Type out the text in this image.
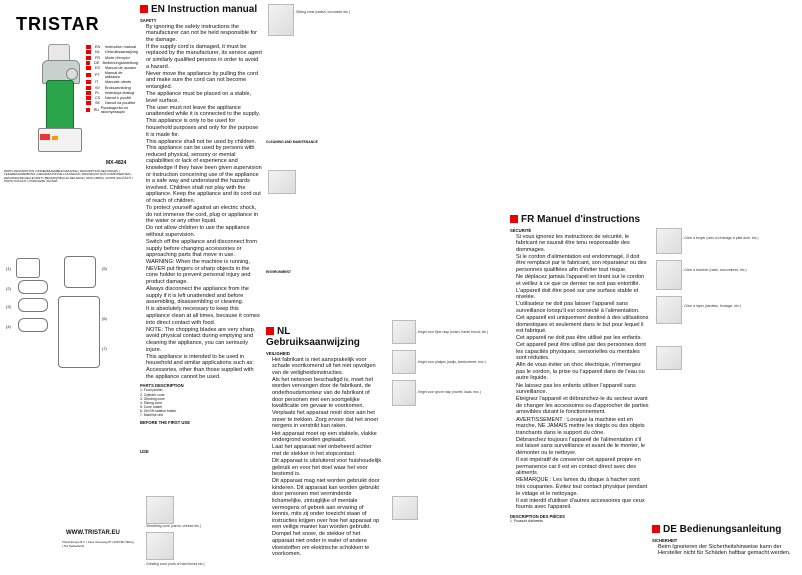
TRISTAR
EN	Instruction manual
NL	Gebruiksaanwijzing
FR	Mode d'emploi
DE Bedienungsanleitung
ES	Manual de usuario
PT	Manual de utilizador
IT	Manuale utente
SV	Bruksanvisning
PL	Instrukcja obsługi
CS	Návod k použití
SK	Návod na použitie
RU Руководство по эксплуатации
MX-4824
PARTS DESCRIPTION | ONDERDELENBESCHRIJVING | DESCRIPTION DES PIÈCES | TEILEBESCHREIBUNG | DESCRIPCIÓN DE LAS PIEZAS | DESCRIÇÃO DOS COMPONENTES | DESCRIZIONE DELLE PARTI | BESKRIVNING AV DELARNA | OPIS CZĘŚCI | POPIS SOUČÁSTÍ | POPIS SÚČASTÍ | ОПИСАНИЕ ЧАСТЕЙ
(1)
(2)
(3)
(4)
(5)
(6)
(7)
WWW.TRISTAR.EU
Tristar Europe B.V. | Jules Verneweg 87 | 5015 BH Tilburg | The Netherlands
EN Instruction manual
SAFETY
• By ignoring the safety instructions the manufacturer can not be held responsible for the damage.
• If the supply cord is damaged, it must be replaced by the manufacturer, its service agent or similarly qualified persons in order to avoid a hazard.
• Never move the appliance by pulling the cord and make sure the cord can not become entangled.
• The appliance must be placed on a stable, level surface.
• The user must not leave the appliance unattended while it is connected to the supply.
• This appliance is only to be used for household purposes and only for the purpose it is made for.
• This appliance shall not be used by children. This appliance can be used by persons with reduced physical, sensory or mental capabilities or lack of experience and knowledge if they have been given supervision or instruction concerning use of the appliance in a safe way and understand the hazards involved. Children shall not play with the appliance. Keep the appliance and its cord out of reach of children.
• To protect yourself against an electric shock, do not immerse the cord, plug or appliance in the water or any other liquid.
• Do not allow children to use the appliance without supervision.
• Switch off the appliance and disconnect from supply before changing accessories or approaching parts that move in use.
• WARNING: When the machine is running, NEVER put fingers or sharp objects in the cone holder to prevent personal injury and product damage.
• Always disconnect the appliance from the supply if it is left unattended and before assembling, disassembling or cleaning.
• It is absolutely necessary to keep this appliance clean at all times, because it comes into direct contact with food.
• NOTE: The chopping blades are very sharp, avoid physical contact during emptying and cleaning the appliance, you can seriously injure.
• This appliance is intended to be used in household and similar applications such as:
• Accessories, other than those supplied with the appliance cannot be used.
PARTS DESCRIPTION
1. Food pusher
2. Cylinder cone
3. Grinding cone
4. Slicing cone
5. Cone holder
6. On/Off rotation button
7. Machine unit
BEFORE THE FIRST USE
USE
- Shredding cone (carrot, cheese etc.)
- Grinding cone (nuts or hard bread etc.)
- Slicing cone (radish, cucumber etc.)
CLEANING AND MAINTENANCE
ENVIRONMENT
NL Gebruiksaanwijzing
VEILIGHEID
• Het fabrikant is niet aansprakelijk voor schade voortkomend uit het niet opvolgen van de veiligheidsinstructies.
• Als het netsnoer beschadigd is, moet het worden vervangen door de fabrikant, de onderhoudsmonteur van de fabrikant of door personen met een soortgelijke kwalificatie om gevaar te voorkomen.
• Verplaats het apparaat nooit door aan het snoer te trekken. Zorg ervoor dat het snoer nergens in verstrikt kan raken.
• Het apparaat moet op een stabiele, vlakke ondergrond worden geplaatst.
• Laat het apparaat niet onbeheerd achter met de stekker in het stopcontact.
• Dit apparaat is uitsluitend voor huishoudelijk gebruik en voor het doel waar het voor bestemd is.
• Dit apparaat mag niet worden gebruikt door kinderen. Dit apparaat kan worden gebruikt door personen met verminderde lichamelijke, zintuiglijke of mentale vermogens of gebrek aan ervaring of kennis, mits zij onder toezicht staan of instructies krijgen over hoe het apparaat op een veilige manier kan worden gebruikt.
• Dompel het snoer, de stekker of het apparaat niet onder in water of andere vloeistoffen om elektrische schokken te voorkomen.
- Kegel voor fijne rasp (noten, harde brood, etc.)
- Kegel voor plakjes (radijs, komkommer, enz.)
- Kegel voor grove rasp (wortel, kaas, enz.)
FR Manuel d'instructions
SÉCURITÉ
• Si vous ignorez les instructions de sécurité, le fabricant ne saurait être tenu responsable des dommages.
• Si le cordon d'alimentation est endommagé, il doit être remplacé par le fabricant, son réparateur ou des personnes qualifiées afin d'éviter tout risque.
• Ne déplacez jamais l'appareil en tirant sur le cordon et veillez à ce que ce dernier ne soit pas entortillé.
• L'appareil doit être posé sur une surface stable et nivelée.
• L'utilisateur ne doit pas laisser l'appareil sans surveillance lorsqu'il est connecté à l'alimentation.
• Cet appareil est uniquement destiné à des utilisations domestiques et seulement dans le but pour lequel il est fabriqué.
• Cet appareil ne doit pas être utilisé par les enfants. Cet appareil peut être utilisé par des personnes dont les capacités physiques, sensorielles ou mentales sont réduites.
• Afin de vous éviter un choc électrique, n'immergez pas le cordon, la prise ou l'appareil dans de l'eau ou autre liquide.
• Ne laissez pas les enfants utiliser l'appareil sans surveillance.
• Éteignez l'appareil et débranchez-le du secteur avant de changer les accessoires ou d'approcher de parties amovibles durant le fonctionnement.
• AVERTISSEMENT : Lorsque la machine est en marche, NE JAMAIS mettre les doigts ou des objets tranchants dans le support du cône.
• Débranchez toujours l'appareil de l'alimentation s'il est laissé sans surveillance et avant de le monter, le démonter ou le nettoyer.
• Il est impératif de conserver cet appareil propre en permanence car il est en contact direct avec des aliments.
• REMARQUE : Les lames du disque à hacher sont très coupantes. Évitez tout contact physique pendant le vidage et le nettoyage.
• Il est interdit d'utiliser d'autres accessoires que ceux fournis avec l'appareil.
DESCRIPTION DES PIÈCES
1. Poussoir d'aliments
- Cône à broyer (noix ou fromage à pâte dure, etc.)
- Cône à trancher (radis, concombres, etc.)
- Cône à râper (carottes, fromage, etc.)
DE Bedienungsanleitung
SICHERHEIT
• Beim Ignorieren der Sicherheitshinweise kann der Hersteller nicht für Schäden haftbar gemacht werden.
